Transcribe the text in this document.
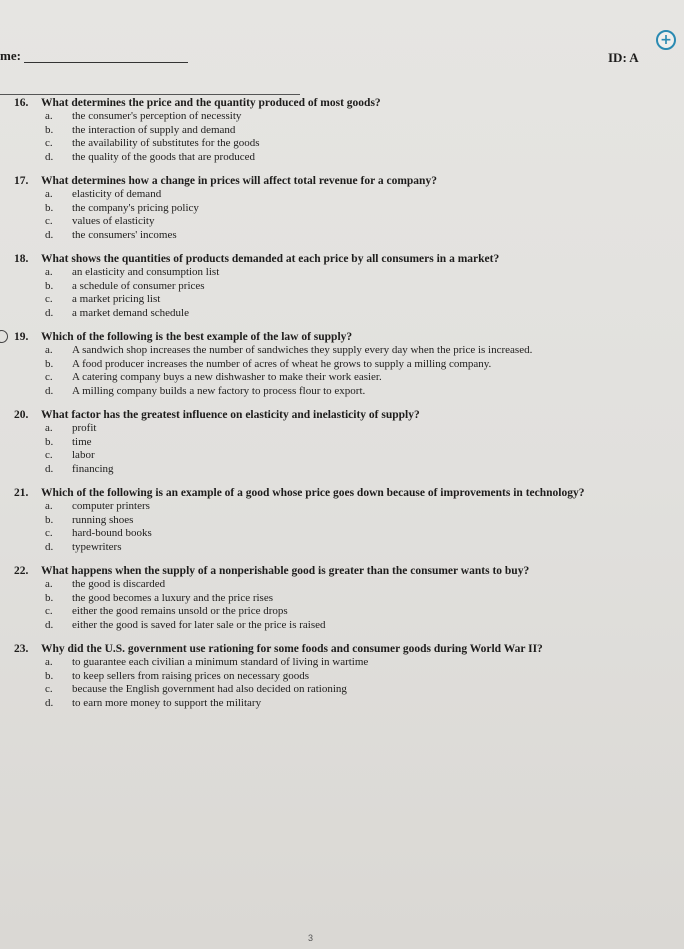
me:	ID: A
+
16. What determines the price and the quantity produced of most goods?
a. the consumer's perception of necessity
b. the interaction of supply and demand
c. the availability of substitutes for the goods
d. the quality of the goods that are produced
17. What determines how a change in prices will affect total revenue for a company?
a. elasticity of demand
b. the company's pricing policy
c. values of elasticity
d. the consumers' incomes
18. What shows the quantities of products demanded at each price by all consumers in a market?
a. an elasticity and consumption list
b. a schedule of consumer prices
c. a market pricing list
d. a market demand schedule
19. Which of the following is the best example of the law of supply?
a. A sandwich shop increases the number of sandwiches they supply every day when the price is increased.
b. A food producer increases the number of acres of wheat he grows to supply a milling company.
c. A catering company buys a new dishwasher to make their work easier.
d. A milling company builds a new factory to process flour to export.
20. What factor has the greatest influence on elasticity and inelasticity of supply?
a. profit
b. time
c. labor
d. financing
21. Which of the following is an example of a good whose price goes down because of improvements in technology?
a. computer printers
b. running shoes
c. hard-bound books
d. typewriters
22. What happens when the supply of a nonperishable good is greater than the consumer wants to buy?
a. the good is discarded
b. the good becomes a luxury and the price rises
c. either the good remains unsold or the price drops
d. either the good is saved for later sale or the price is raised
23. Why did the U.S. government use rationing for some foods and consumer goods during World War II?
a. to guarantee each civilian a minimum standard of living in wartime
b. to keep sellers from raising prices on necessary goods
c. because the English government had also decided on rationing
d. to earn more money to support the military
3
